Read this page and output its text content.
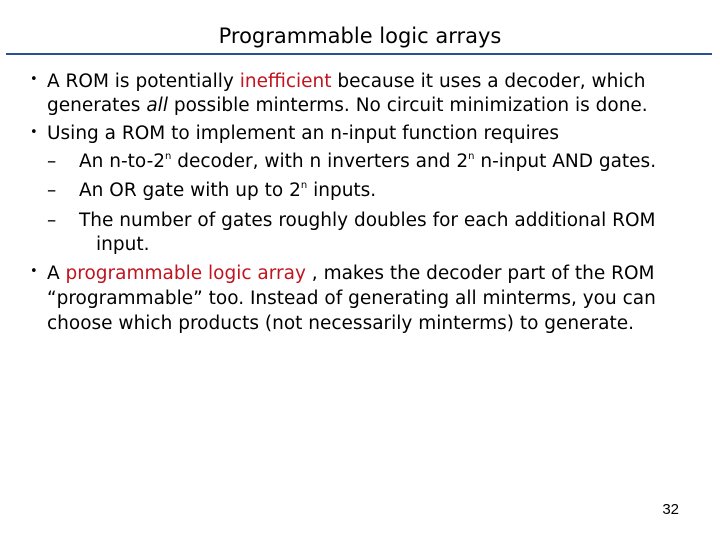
Programmable logic arrays
• A ROM is potentially inefficient because it uses a decoder, which
generates all possible minterms. No circuit minimization is done.
• Using a ROM to implement an n-input function requires
– An n-to-2$^n$ decoder, with n inverters and 2$^n$ n-input AND gates.
– An OR gate with up to 2$^n$ inputs.
– The number of gates roughly doubles for each additional ROM
input.
• A programmable logic array , makes the decoder part of the ROM
“programmable” too. Instead of generating all minterms, you can
choose which products (not necessarily minterms) to generate.
32
